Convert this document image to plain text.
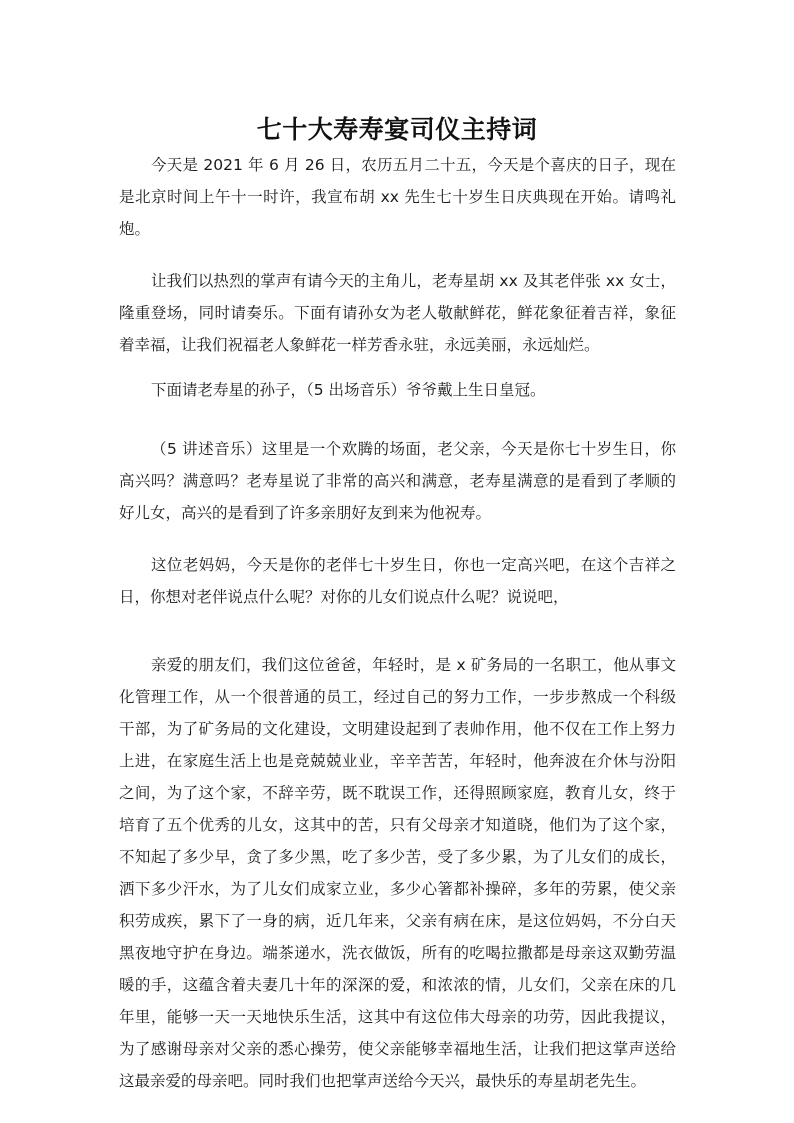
七十大寿寿宴司仪主持词
今天是 2021 年 6 月 26 日，农历五月二十五，今天是个喜庆的日子，现在
是北京时间上午十一时许，我宣布胡 xx 先生七十岁生日庆典现在开始。请鸣礼
炮。
让我们以热烈的掌声有请今天的主角儿，老寿星胡 xx 及其老伴张 xx 女士，
隆重登场，同时请奏乐。下面有请孙女为老人敬献鲜花，鲜花象征着吉祥，象征
着幸福，让我们祝福老人象鲜花一样芳香永驻，永远美丽，永远灿烂。
下面请老寿星的孙子，（5 出场音乐）爷爷戴上生日皇冠。
（5 讲述音乐）这里是一个欢腾的场面，老父亲，今天是你七十岁生日，你
高兴吗？满意吗？老寿星说了非常的高兴和满意，老寿星满意的是看到了孝顺的
好儿女，高兴的是看到了许多亲朋好友到来为他祝寿。
这位老妈妈，今天是你的老伴七十岁生日，你也一定高兴吧，在这个吉祥之
日，你想对老伴说点什么呢？对你的儿女们说点什么呢？说说吧，
亲爱的朋友们，我们这位爸爸，年轻时，是 x 矿务局的一名职工，他从事文
化管理工作，从一个很普通的员工，经过自己的努力工作，一步步熬成一个科级
干部，为了矿务局的文化建设，文明建设起到了表帅作用，他不仅在工作上努力
上进，在家庭生活上也是竞兢兢业业，辛辛苦苦，年轻时，他奔波在介休与汾阳
之间，为了这个家，不辞辛劳，既不耽误工作，还得照顾家庭，教育儿女，终于
培育了五个优秀的儿女，这其中的苦，只有父母亲才知道晓，他们为了这个家，
不知起了多少早，贪了多少黑，吃了多少苦，受了多少累，为了儿女们的成长，
洒下多少汗水，为了儿女们成家立业，多少心箸都补操碎，多年的劳累，使父亲
积劳成疾，累下了一身的病，近几年来，父亲有病在床，是这位妈妈，不分白天
黑夜地守护在身边。端茶递水，洗衣做饭，所有的吃喝拉撒都是母亲这双勤劳温
暖的手，这蕴含着夫妻几十年的深深的爱，和浓浓的情，儿女们，父亲在床的几
年里，能够一天一天地快乐生活，这其中有这位伟大母亲的功劳，因此我提议，
为了感谢母亲对父亲的悉心操劳，使父亲能够幸福地生活，让我们把这掌声送给
这最亲爱的母亲吧。同时我们也把掌声送给今天兴，最快乐的寿星胡老先生。
